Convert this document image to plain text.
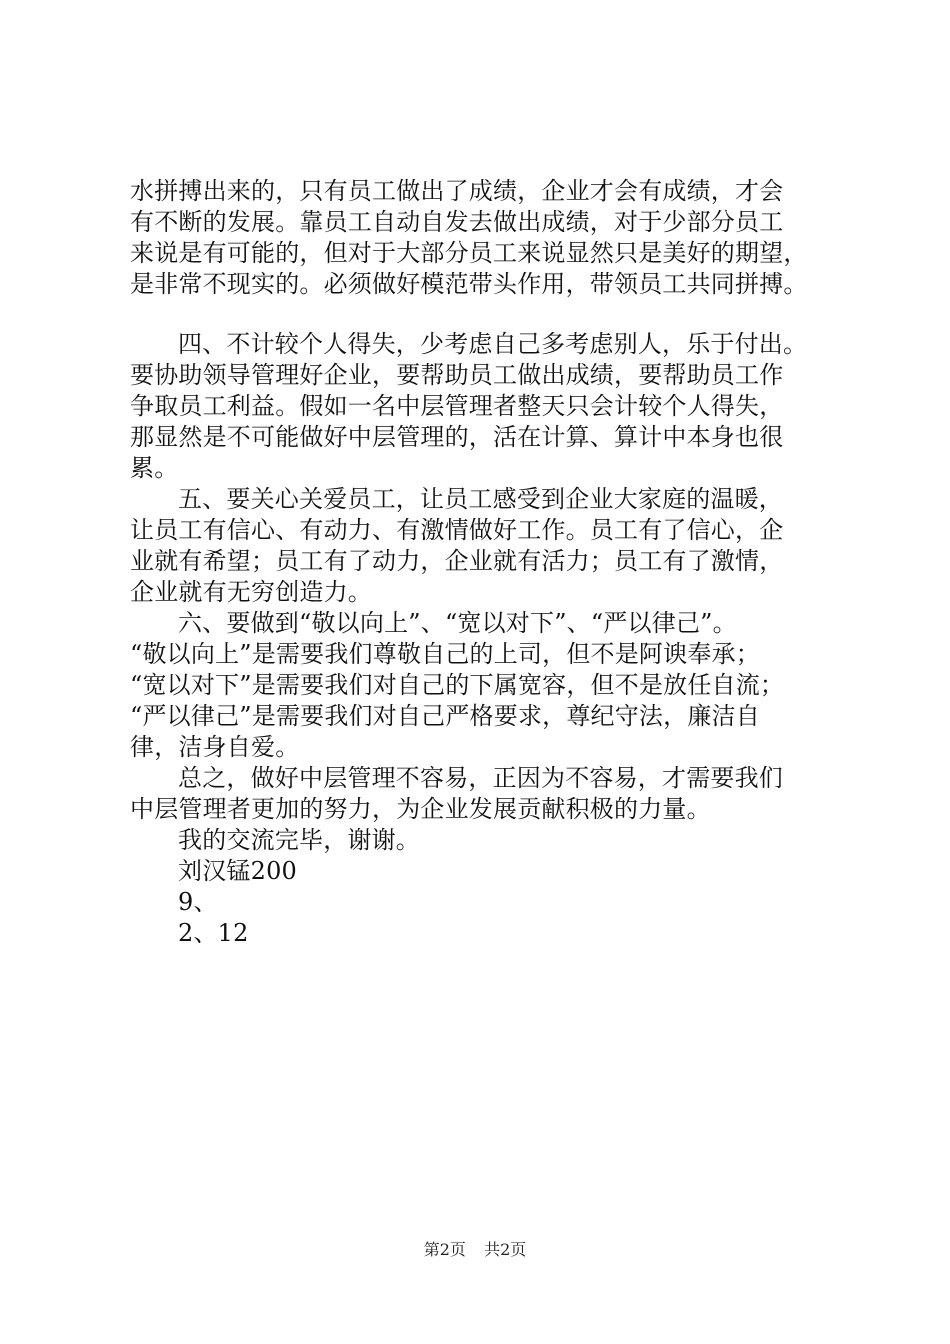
水拼搏出来的，只有员工做出了成绩，企业才会有成绩，才会
有不断的发展。靠员工自动自发去做出成绩，对于少部分员工
来说是有可能的，但对于大部分员工来说显然只是美好的期望，
是非常不现实的。必须做好模范带头作用，带领员工共同拼搏。
四、不计较个人得失，少考虑自己多考虑别人，乐于付出。
要协助领导管理好企业，要帮助员工做出成绩，要帮助员工作
争取员工利益。假如一名中层管理者整天只会计较个人得失，
那显然是不可能做好中层管理的，活在计算、算计中本身也很
累。
五、要关心关爱员工，让员工感受到企业大家庭的温暖，
让员工有信心、有动力、有激情做好工作。员工有了信心，企
业就有希望；员工有了动力，企业就有活力；员工有了激情，
企业就有无穷创造力。
六、要做到“敬以向上”、“宽以对下”、“严以律己”。
“敬以向上”是需要我们尊敬自己的上司，但不是阿谀奉承；
“宽以对下”是需要我们对自己的下属宽容，但不是放任自流；
“严以律己”是需要我们对自己严格要求，尊纪守法，廉洁自
律，洁身自爱。
总之，做好中层管理不容易，正因为不容易，才需要我们
中层管理者更加的努力，为企业发展贡献积极的力量。
我的交流完毕，谢谢。
刘汉锰200
9、
2、12
第2页 共2页
